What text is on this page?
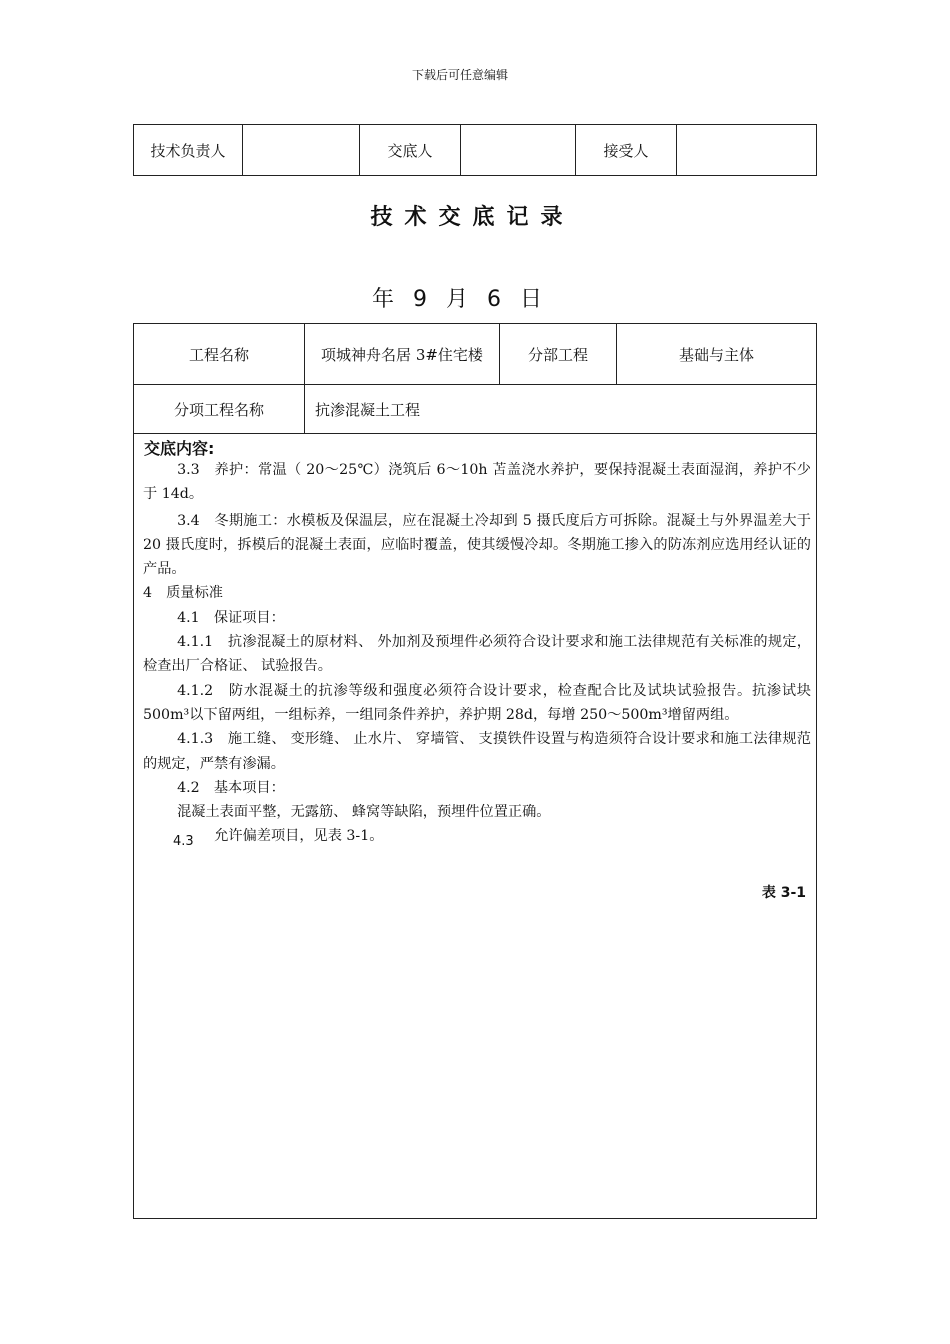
下载后可任意编辑
技术负责人		交底人		接受人	
技术交底记录
年 9 月 6 日
工程名称	项城神舟名居 3#住宅楼	分部工程	基础与主体
分项工程名称	抗渗混凝土工程		
交底内容:

3.3　养护：常温（ 20～25℃）浇筑后 6～10h 苫盖浇水养护，要保持混凝土表面湿润，养护不少于 14d。

3.4　冬期施工：水模板及保温层，应在混凝土冷却到 5 摄氏度后方可拆除。混凝土与外界温差大于 20 摄氏度时，拆模后的混凝土表面，应临时覆盖，使其缓慢冷却。冬期施工掺入的防冻剂应选用经认证的产品。

4　质量标准

4.1　保证项目：

4.1.1　抗渗混凝土的原材料、 外加剂及预埋件必须符合设计要求和施工法律规范有关标准的规定，检查出厂合格证、 试验报告。

4.1.2　防水混凝土的抗渗等级和强度必须符合设计要求，检查配合比及试块试验报告。抗渗试块 500m³以下留两组，一组标养，一组同条件养护，养护期 28d，每增 250～500m³增留两组。

4.1.3　施工缝、 变形缝、 止水片、 穿墙管、 支摸铁件设置与构造须符合设计要求和施工法律规范的规定，严禁有渗漏。

4.2　基本项目：

混凝土表面平整，无露筋、 蜂窝等缺陷，预埋件位置正确。

4.3 允许偏差项目，见表 3-1。

表 3-1
